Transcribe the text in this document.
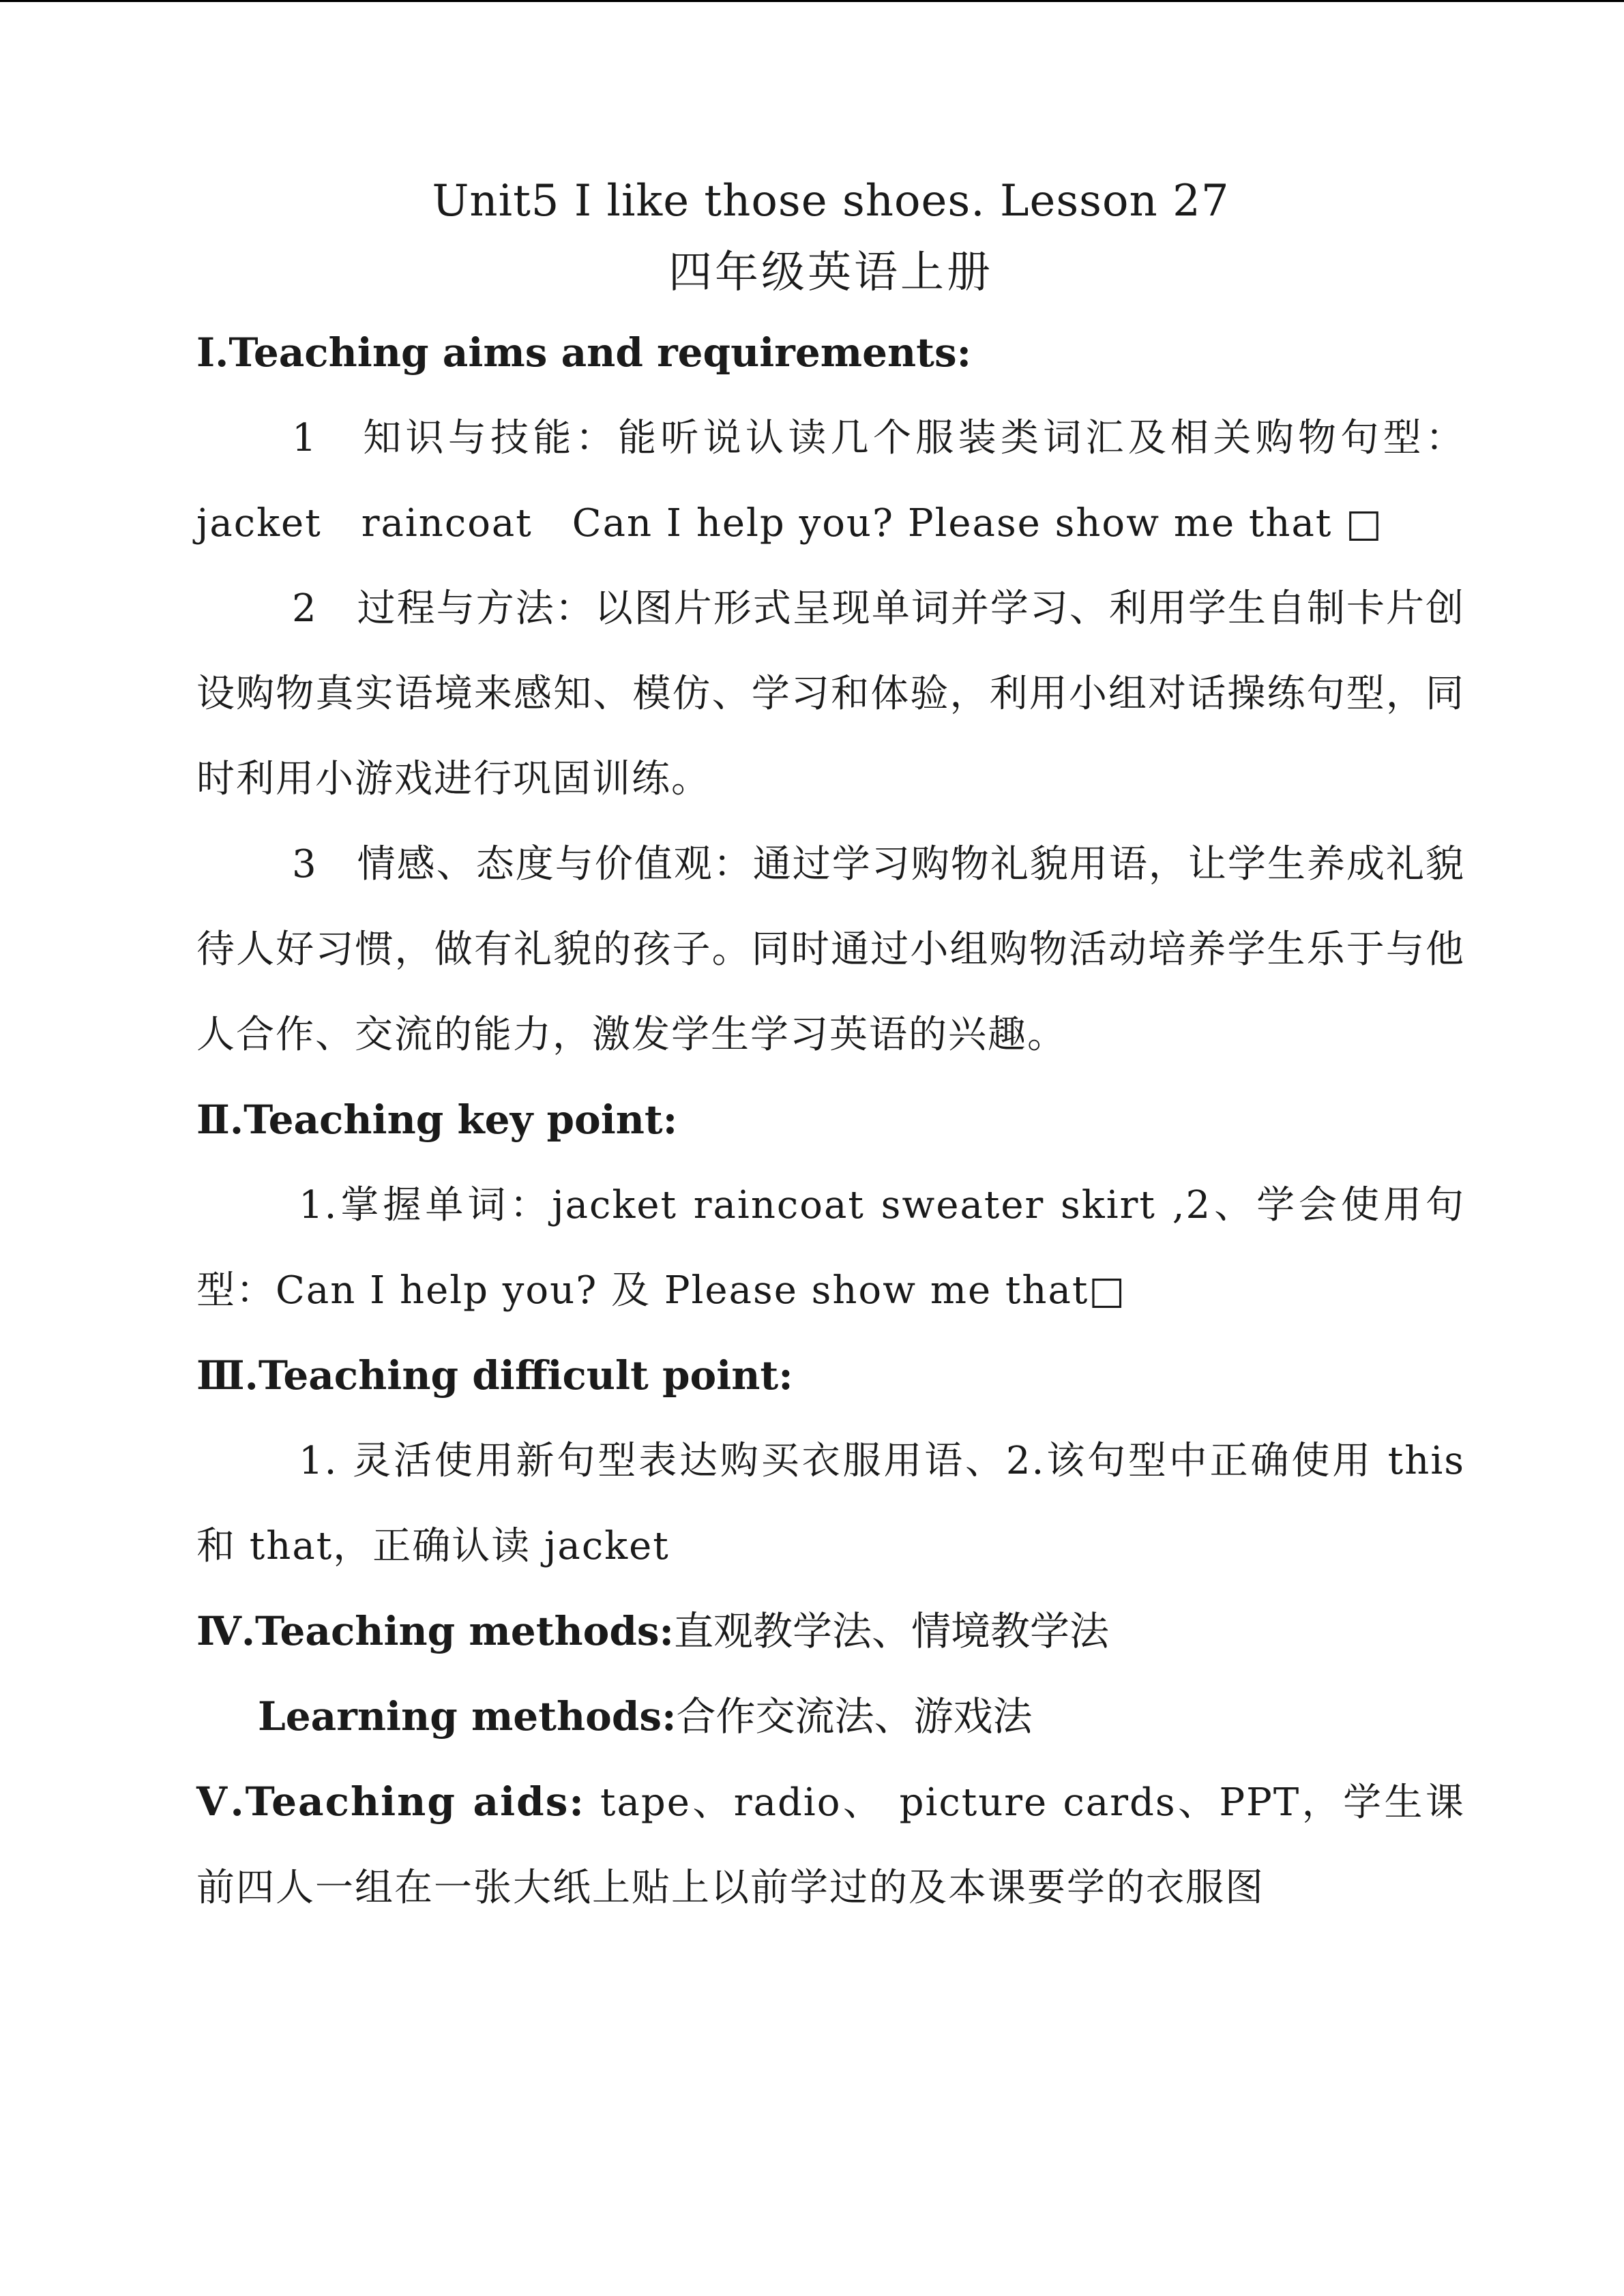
Unit5 I like those shoes. Lesson 27
四年级英语上册

Ⅰ.Teaching aims and requirements:

1　知识与技能：能听说认读几个服装类词汇及相关购物句型：jacket　raincoat　Can I help you? Please show me that □

2　过程与方法：以图片形式呈现单词并学习、利用学生自制卡片创设购物真实语境来感知、模仿、学习和体验，利用小组对话操练句型，同时利用小游戏进行巩固训练。

3　情感、态度与价值观：通过学习购物礼貌用语，让学生养成礼貌待人好习惯，做有礼貌的孩子。同时通过小组购物活动培养学生乐于与他人合作、交流的能力，激发学生学习英语的兴趣。

Ⅱ.Teaching key point:

1.掌握单词：jacket raincoat sweater skirt ,2、学会使用句型：Can I help you? 及 Please show me that□

Ⅲ.Teaching difficult point:

1. 灵活使用新句型表达购买衣服用语、2.该句型中正确使用 this 和 that，正确认读 jacket

Ⅳ.Teaching methods:直观教学法、情境教学法

Learning methods:合作交流法、游戏法

Ⅴ.Teaching aids: tape、radio、 picture cards、PPT，学生课前四人一组在一张大纸上贴上以前学过的及本课要学的衣服图
